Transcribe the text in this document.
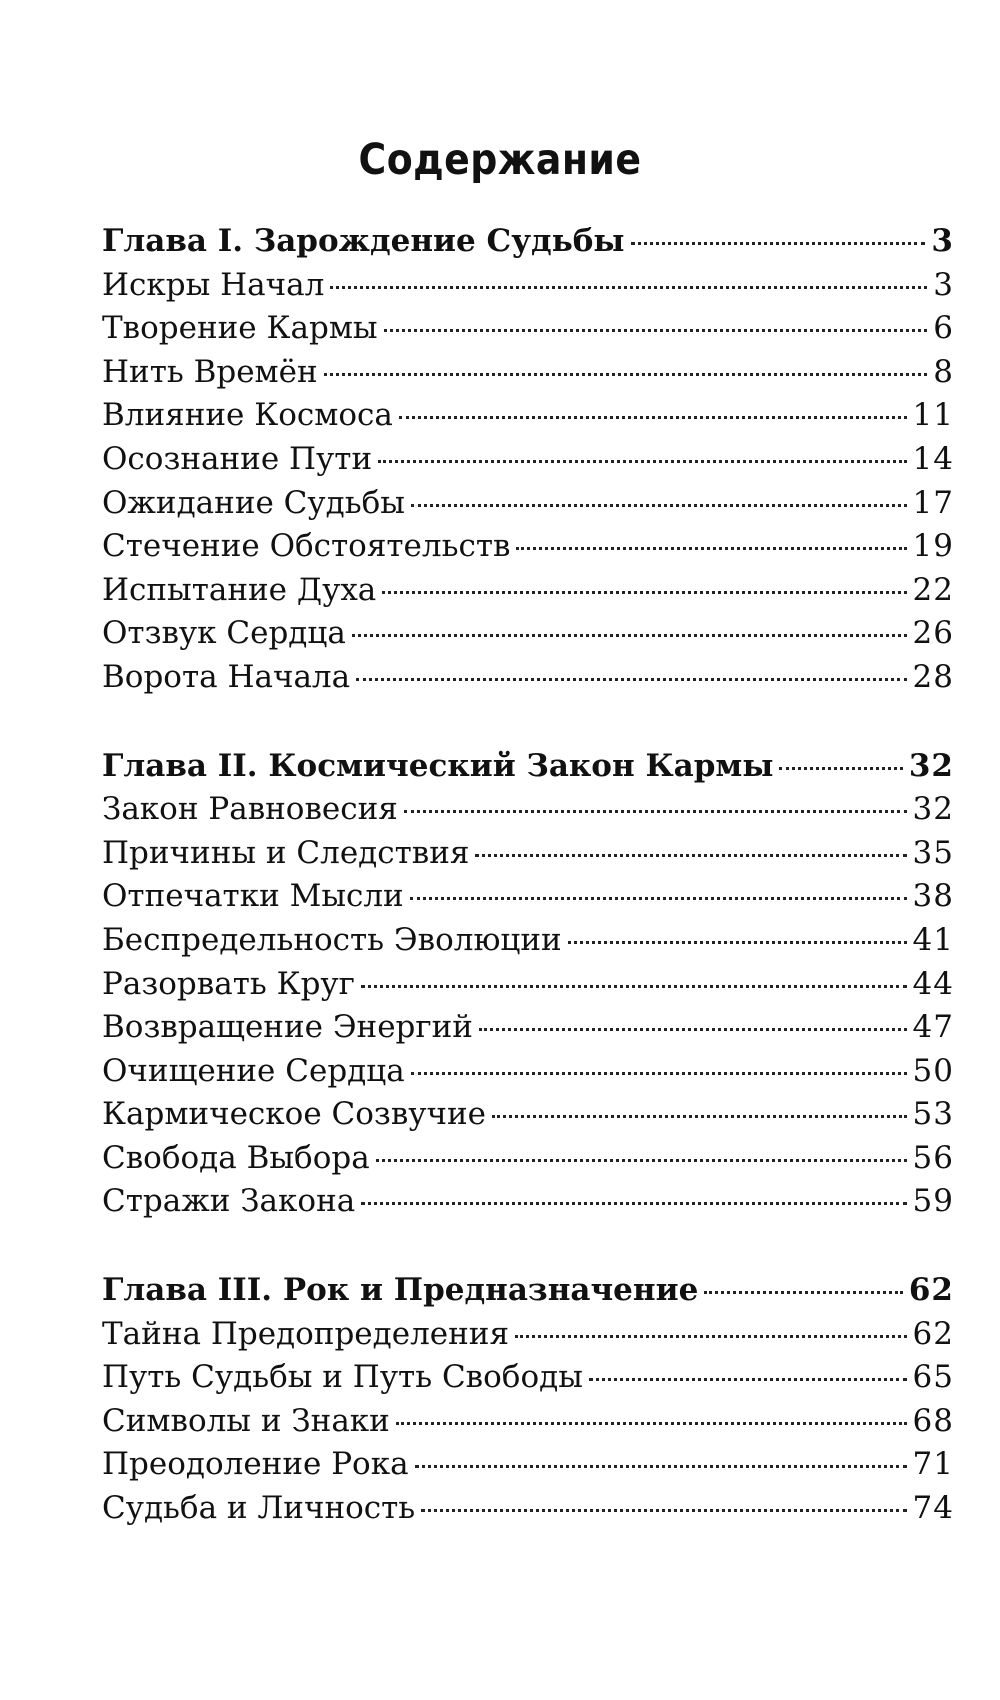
Содержание
Глава I. Зарождение Судьбы	3
Искры Начал	3
Творение Кармы	6
Нить Времён	8
Влияние Космоса	11
Осознание Пути	14
Ожидание Судьбы	17
Стечение Обстоятельств	19
Испытание Духа	22
Отзвук Сердца	26
Ворота Начала	28
Глава II. Космический Закон Кармы	32
Закон Равновесия	32
Причины и Следствия	35
Отпечатки Мысли	38
Беспредельность Эволюции	41
Разорвать Круг	44
Возвращение Энергий	47
Очищение Сердца	50
Кармическое Созвучие	53
Свобода Выбора	56
Стражи Закона	59
Глава III. Рок и Предназначение	62
Тайна Предопределения	62
Путь Судьбы и Путь Свободы	65
Символы и Знаки	68
Преодоление Рока	71
Судьба и Личность	74
